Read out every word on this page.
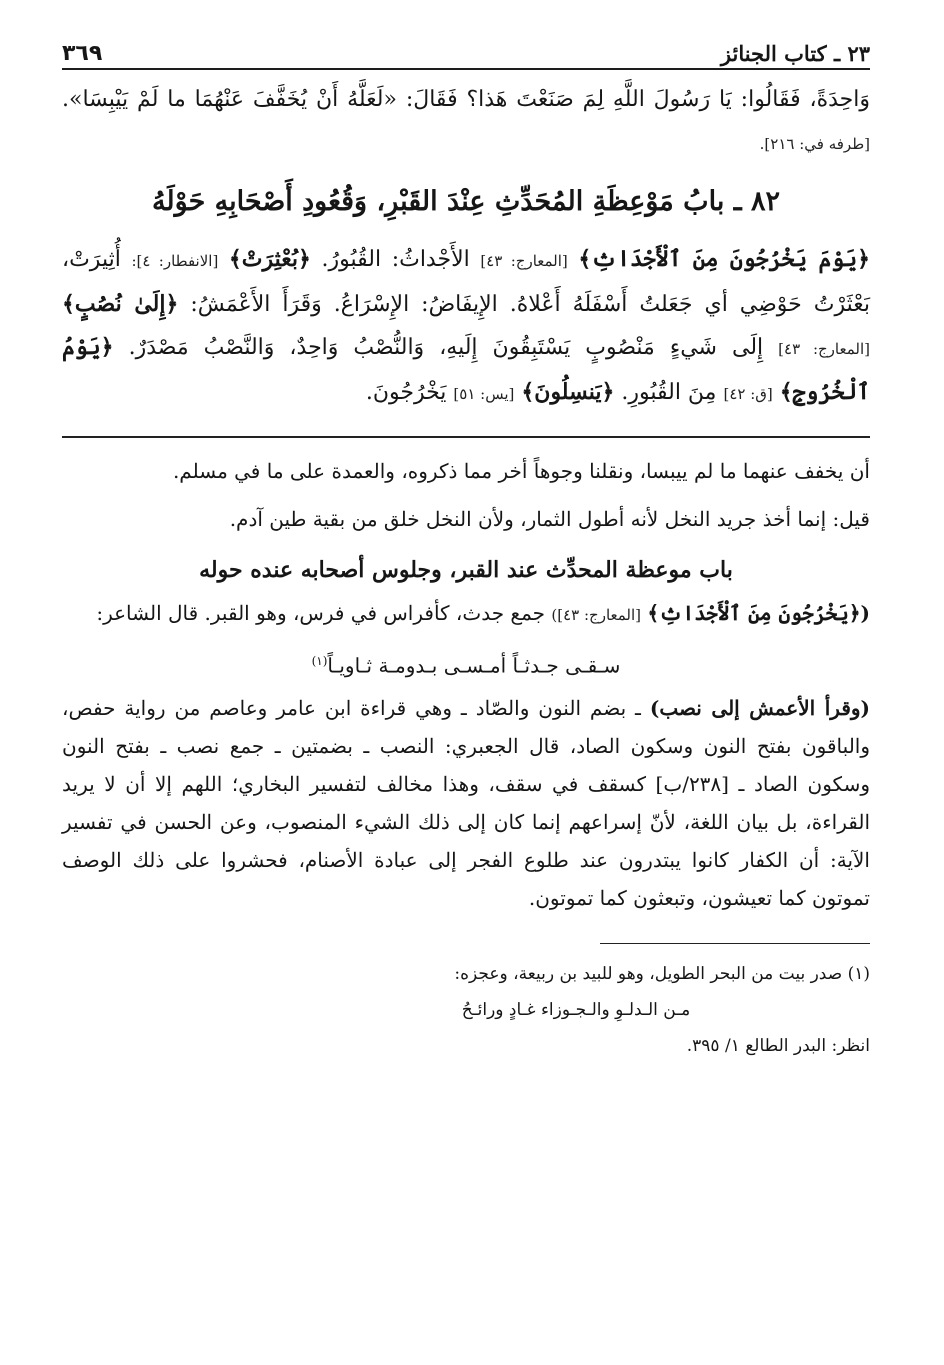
٢٣ ـ كتاب الجنائز
٣٦٩

وَاحِدَةً، فَقَالُوا: يَا رَسُولَ اللَّهِ لِمَ صَنَعْتَ هَذا؟ فَقَالَ: «لَعَلَّهُ أَنْ يُخَفَّفَ عَنْهُمَا ما لَمْ يَيْبِسَا». [طرفه في: ٢١٦].

٨٢ ـ بابُ مَوْعِظَةِ المُحَدِّثِ عِنْدَ القَبْرِ، وَقُعُودِ أَصْحَابِهِ حَوْلَهُ

﴿يَوْمَ يَخْرُجُونَ مِنَ ٱلْأَجْدَاثِ﴾ [المعارج: ٤٣] الأَجْداثُ: القُبُورُ. ﴿بُعْثِرَتْ﴾ [الانفطار: ٤]: أُثِيرَتْ، بَعْثَرْتُ حَوْضِي أي جَعَلتُ أَسْفَلَهُ أَعْلاهُ. الإِيفَاضُ: الإِسْرَاعُ. وَقَرَأَ الأَعْمَشُ: ﴿إِلَىٰ نُصُبٍ﴾ [المعارج: ٤٣] إِلَى شَيءٍ مَنْصُوبٍ يَسْتَبِقُونَ إِلَيهِ، وَالنُّصْبُ وَاحِدٌ، وَالنَّصْبُ مَصْدَرٌ. ﴿يَوْمُ ٱلْخُرُوجِ﴾ [ق: ٤٢] مِنَ القُبُورِ. ﴿يَنسِلُونَ﴾ [يس: ٥١] يَخْرُجُونَ.

أن يخفف عنهما ما لم ييبسا، ونقلنا وجوهاً أخر مما ذكروه، والعمدة على ما في مسلم.

قيل: إنما أخذ جريد النخل لأنه أطول الثمار، ولأن النخل خلق من بقية طين آدم.

باب موعظة المحدِّث عند القبر، وجلوس أصحابه عنده حوله

(﴿يَخْرُجُونَ مِنَ ٱلْأَجْدَاثِ﴾ [المعارج: ٤٣]) جمع جدث، كأفراس في فرس، وهو القبر. قال الشاعر:

سـقـى جـدثـاً أمـسـى بـدومـة ثـاويـاً$^{(١)}$

(وقرأ الأعمش إلى نصب) ـ بضم النون والصّاد ـ وهي قراءة ابن عامر وعاصم من رواية حفص، والباقون بفتح النون وسكون الصاد، قال الجعبري: النصب ـ بضمتين ـ جمع نصب ـ بفتح النون وسكون الصاد ـ [٢٣٨/ب] كسقف في سقف، وهذا مخالف لتفسير البخاري؛ اللهم إلا أن لا يريد القراءة، بل بيان اللغة، لأنّ إسراعهم إنما كان إلى ذلك الشيء المنصوب، وعن الحسن في تفسير الآية: أن الكفار كانوا يبتدرون عند طلوع الفجر إلى عبادة الأصنام، فحشروا على ذلك الوصف تموتون كما تعيشون، وتبعثون كما تموتون.

(١) صدر بيت من البحر الطويل، وهو للبيد بن ربيعة، وعجزه:

مـن الـدلـوِ والـجـوزاء غـادٍ ورائـحُ

انظر: البدر الطالع ١/ ٣٩٥.
